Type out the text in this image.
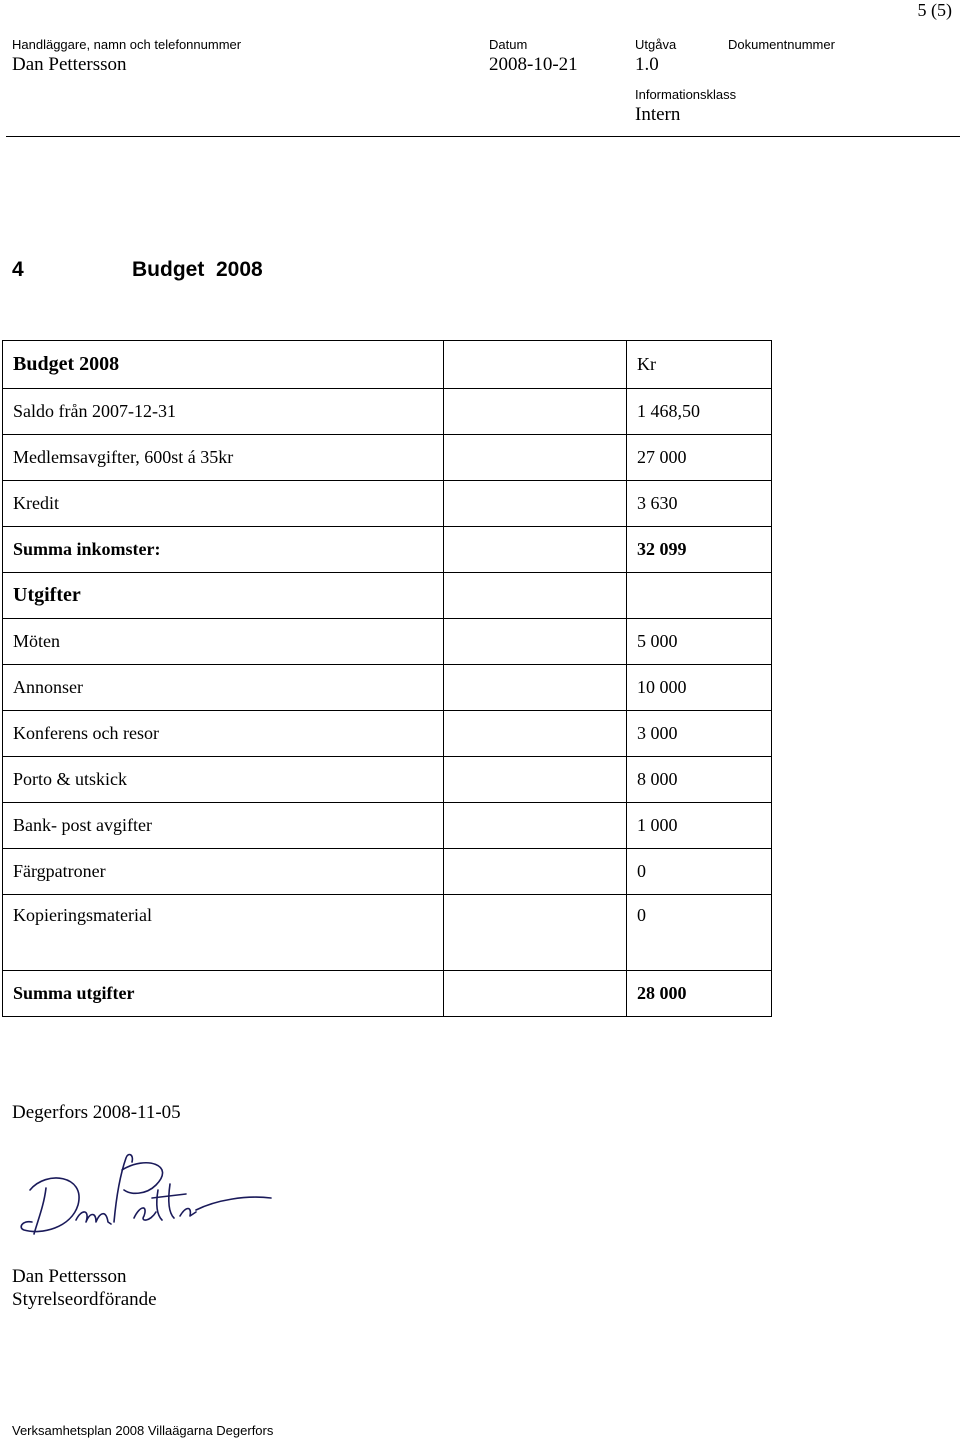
5 (5)
Handläggare, namn och telefonnummer
Dan Pettersson
Datum
2008-10-21
Utgåva
1.0
Dokumentnummer
Informationsklass
Intern
4	Budget  2008
Budget 2008		Kr
Saldo från 2007-12-31		1 468,50
Medlemsavgifter, 600st á 35kr		27 000
Kredit		3 630
Summa inkomster:		32 099
Utgifter		
Möten		5 000
Annonser		10 000
Konferens och resor		3 000
Porto & utskick		8 000
Bank- post avgifter		1 000
Färgpatroner		0
Kopieringsmaterial		0
Summa utgifter		28 000
Degerfors 2008-11-05
Dan Pettersson
Styrelseordförande
Verksamhetsplan 2008 Villaägarna Degerfors
